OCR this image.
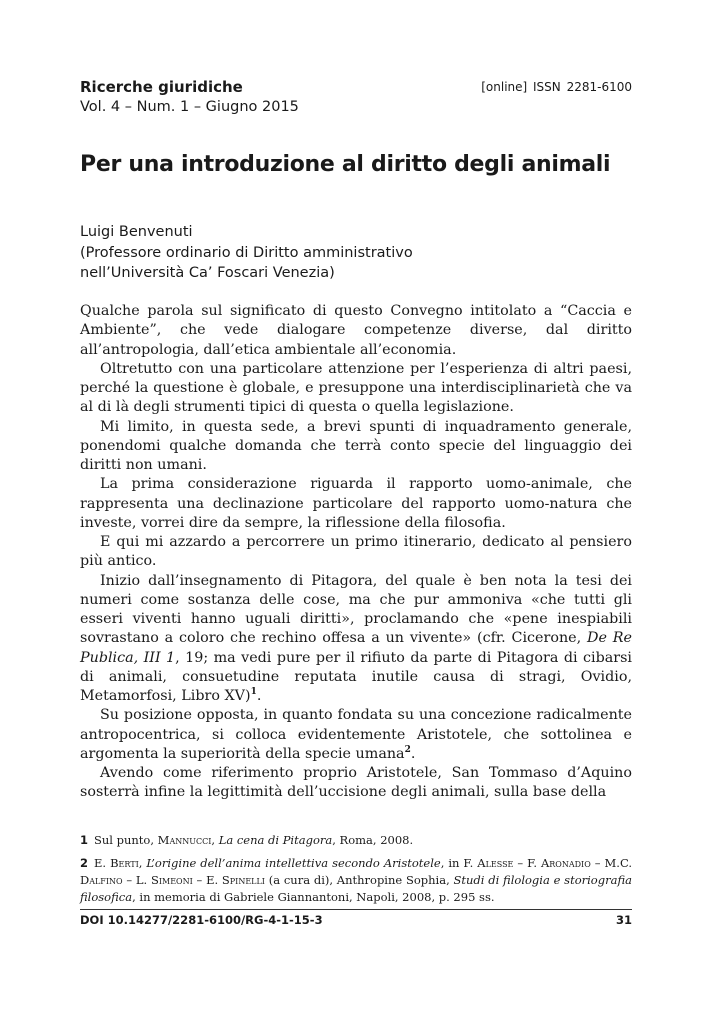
Ricerche giuridiche
Vol. 4 – Num. 1 – Giugno 2015
[online] ISSN 2281-6100
Per una introduzione al diritto degli animali
Luigi Benvenuti
(Professore ordinario di Diritto amministrativo
nell’Università Ca’ Foscari Venezia)

Qualche parola sul significato di questo Convegno intitolato a “Caccia e Ambiente”, che vede dialogare competenze diverse, dal diritto all’antropologia, dall’etica ambientale all’economia.

Oltretutto con una particolare attenzione per l’esperienza di altri paesi, perché la questione è globale, e presuppone una interdisciplinarietà che va al di là degli strumenti tipici di questa o quella legislazione.

Mi limito, in questa sede, a brevi spunti di inquadramento generale, ponendomi qualche domanda che terrà conto specie del linguaggio dei diritti non umani.

La prima considerazione riguarda il rapporto uomo-animale, che rappresenta una declinazione particolare del rapporto uomo-natura che investe, vorrei dire da sempre, la riflessione della filosofia.

E qui mi azzardo a percorrere un primo itinerario, dedicato al pensiero più antico.

Inizio dall’insegnamento di Pitagora, del quale è ben nota la tesi dei numeri come sostanza delle cose, ma che pur ammoniva «che tutti gli esseri viventi hanno uguali diritti», proclamando che «pene inespiabili sovrastano a coloro che rechino offesa a un vivente» (cfr. Cicerone, De Re Publica, III 1, 19; ma vedi pure per il rifiuto da parte di Pitagora di cibarsi di animali, consuetudine reputata inutile causa di stragi, Ovidio, Metamorfosi, Libro XV)$^1$.

Su posizione opposta, in quanto fondata su una concezione radicalmente antropocentrica, si colloca evidentemente Aristotele, che sottolinea e argomenta la superiorità della specie umana$^2$.

Avendo come riferimento proprio Aristotele, San Tommaso d’Aquino sosterrà infine la legittimità dell’uccisione degli animali, sulla base della

1 Sul punto, Mannucci, La cena di Pitagora, Roma, 2008.

2 E. Berti, L’origine dell’anima intellettiva secondo Aristotele, in F. Alesse – F. Aronadio – M.C. Dalfino – L. Simeoni – E. Spinelli (a cura di), Anthropine Sophia, Studi di filologia e storiografia filosofica, in memoria di Gabriele Giannantoni, Napoli, 2008, p. 295 ss.

DOI 10.14277/2281-6100/RG-4-1-15-3	31
